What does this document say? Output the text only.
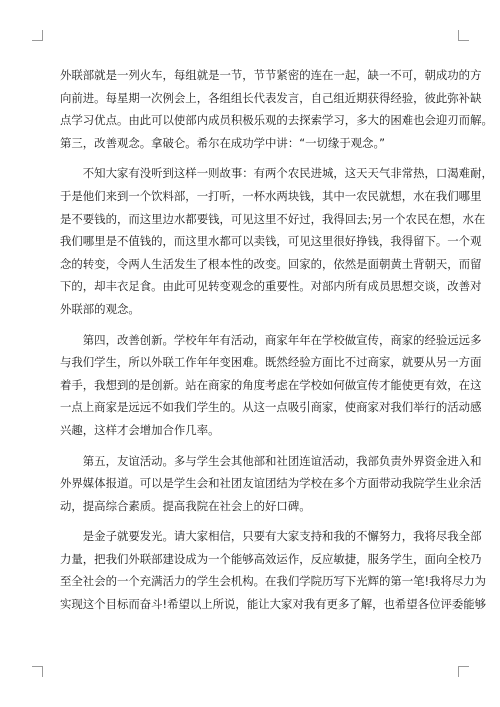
外联部就是一列火车，每组就是一节，节节紧密的连在一起，缺一不可，朝成功的方
向前进。每星期一次例会上，各组组长代表发言，自己组近期获得经验，彼此弥补缺
点学习优点。由此可以使部内成员积极乐观的去探索学习，多大的困难也会迎刃而解。
第三，改善观念。拿破仑。希尔在成功学中讲：“一切缘于观念。”

　　不知大家有没听到这样一则故事：有两个农民进城，这天天气非常热，口渴难耐，
于是他们来到一个饮料部，一打听，一杯水两块钱，其中一农民就想，水在我们哪里
是不要钱的，而这里边水都要钱，可见这里不好过，我得回去;另一个农民在想，水在
我们哪里是不值钱的，而这里水都可以卖钱，可见这里很好挣钱，我得留下。一个观
念的转变，令两人生活发生了根本性的改变。回家的，依然是面朝黄土背朝天，而留
下的，却丰衣足食。由此可见转变观念的重要性。对部内所有成员思想交谈，改善对
外联部的观念。

　　第四，改善创新。学校年年有活动，商家年年在学校做宣传，商家的经验远远多
与我们学生，所以外联工作年年变困难。既然经验方面比不过商家，就要从另一方面
着手，我想到的是创新。站在商家的角度考虑在学校如何做宣传才能使更有效，在这
一点上商家是远远不如我们学生的。从这一点吸引商家，使商家对我们举行的活动感
兴趣，这样才会增加合作几率。

　　第五，友谊活动。多与学生会其他部和社团连谊活动，我部负责外界资金进入和
外界媒体报道。可以是学生会和社团友谊团结为学校在多个方面带动我院学生业余活
动，提高综合素质。提高我院在社会上的好口碑。

　　是金子就要发光。请大家相信，只要有大家支持和我的不懈努力，我将尽我全部
力量，把我们外联部建设成为一个能够高效运作，反应敏捷，服务学生，面向全校乃
至全社会的一个充满活力的学生会机构。在我们学院历写下光辉的第一笔!我将尽力为
实现这个目标而奋斗!希望以上所说，能让大家对我有更多了解，也希望各位评委能够
